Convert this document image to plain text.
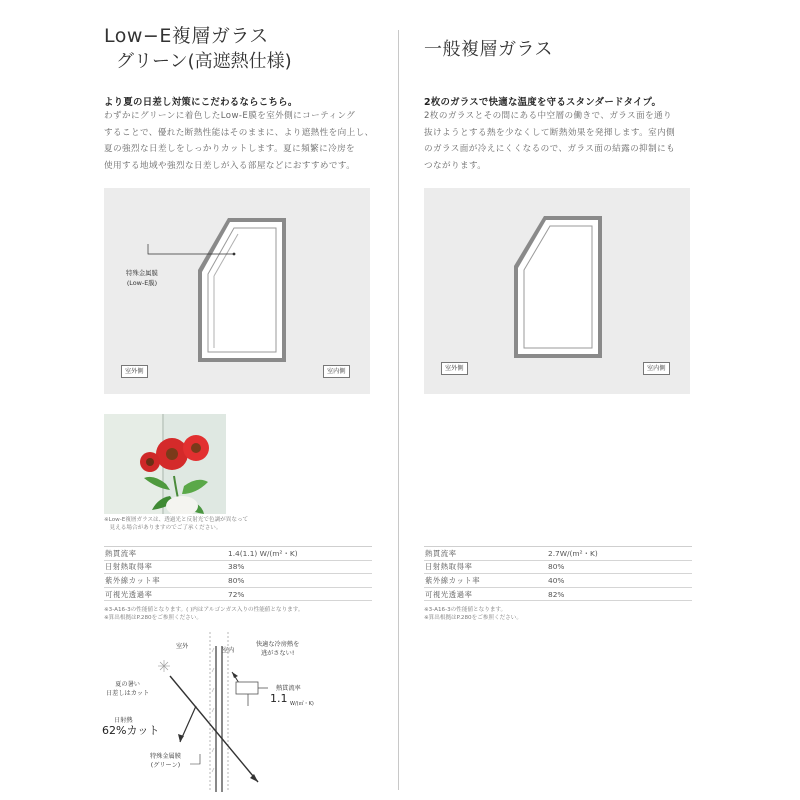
Low−E複層ガラス
グリーン(高遮熱仕様)
より夏の日差し対策にこだわるならこちら。
わずかにグリーンに着色したLow-E膜を室外側にコーティング
することで、優れた断熱性能はそのままに、より遮熱性を向上し、
夏の強烈な日差しをしっかりカットします。夏に頻繁に冷房を
使用する地域や強烈な日差しが入る部屋などにおすすめです。
特殊金属膜
(Low-E膜)
室外側	室内側
※Low-E複層ガラスは、透過光と反射光で色調が異なって
　見える場合がありますのでご了承ください。
熱貫流率	1.4(1.1) W/(m²・K)
日射熱取得率	38%
紫外線カット率	80%
可視光透過率	72%
※3-A16-3の性能値となります。( )内はアルゴンガス入りの性能値となります。
※算出根拠はP.280をご参照ください。
室外
室内
夏の暑い
日差しはカット
日射熱
62%カット
快適な冷房熱を
逃がさない!
熱貫流率
1.1 W/(㎡・K)
特殊金属膜
(グリーン)
一般複層ガラス
2枚のガラスで快適な温度を守るスタンダードタイプ。
2枚のガラスとその間にある中空層の働きで、ガラス面を通り
抜けようとする熱を少なくして断熱効果を発揮します。室内側
のガラス面が冷えにくくなるので、ガラス面の結露の抑制にも
つながります。
室外側	室内側
熱貫流率	2.7W/(m²・K)
日射熱取得率	80%
紫外線カット率	40%
可視光透過率	82%
※3-A16-3の性能値となります。
※算出根拠はP.280をご参照ください。
